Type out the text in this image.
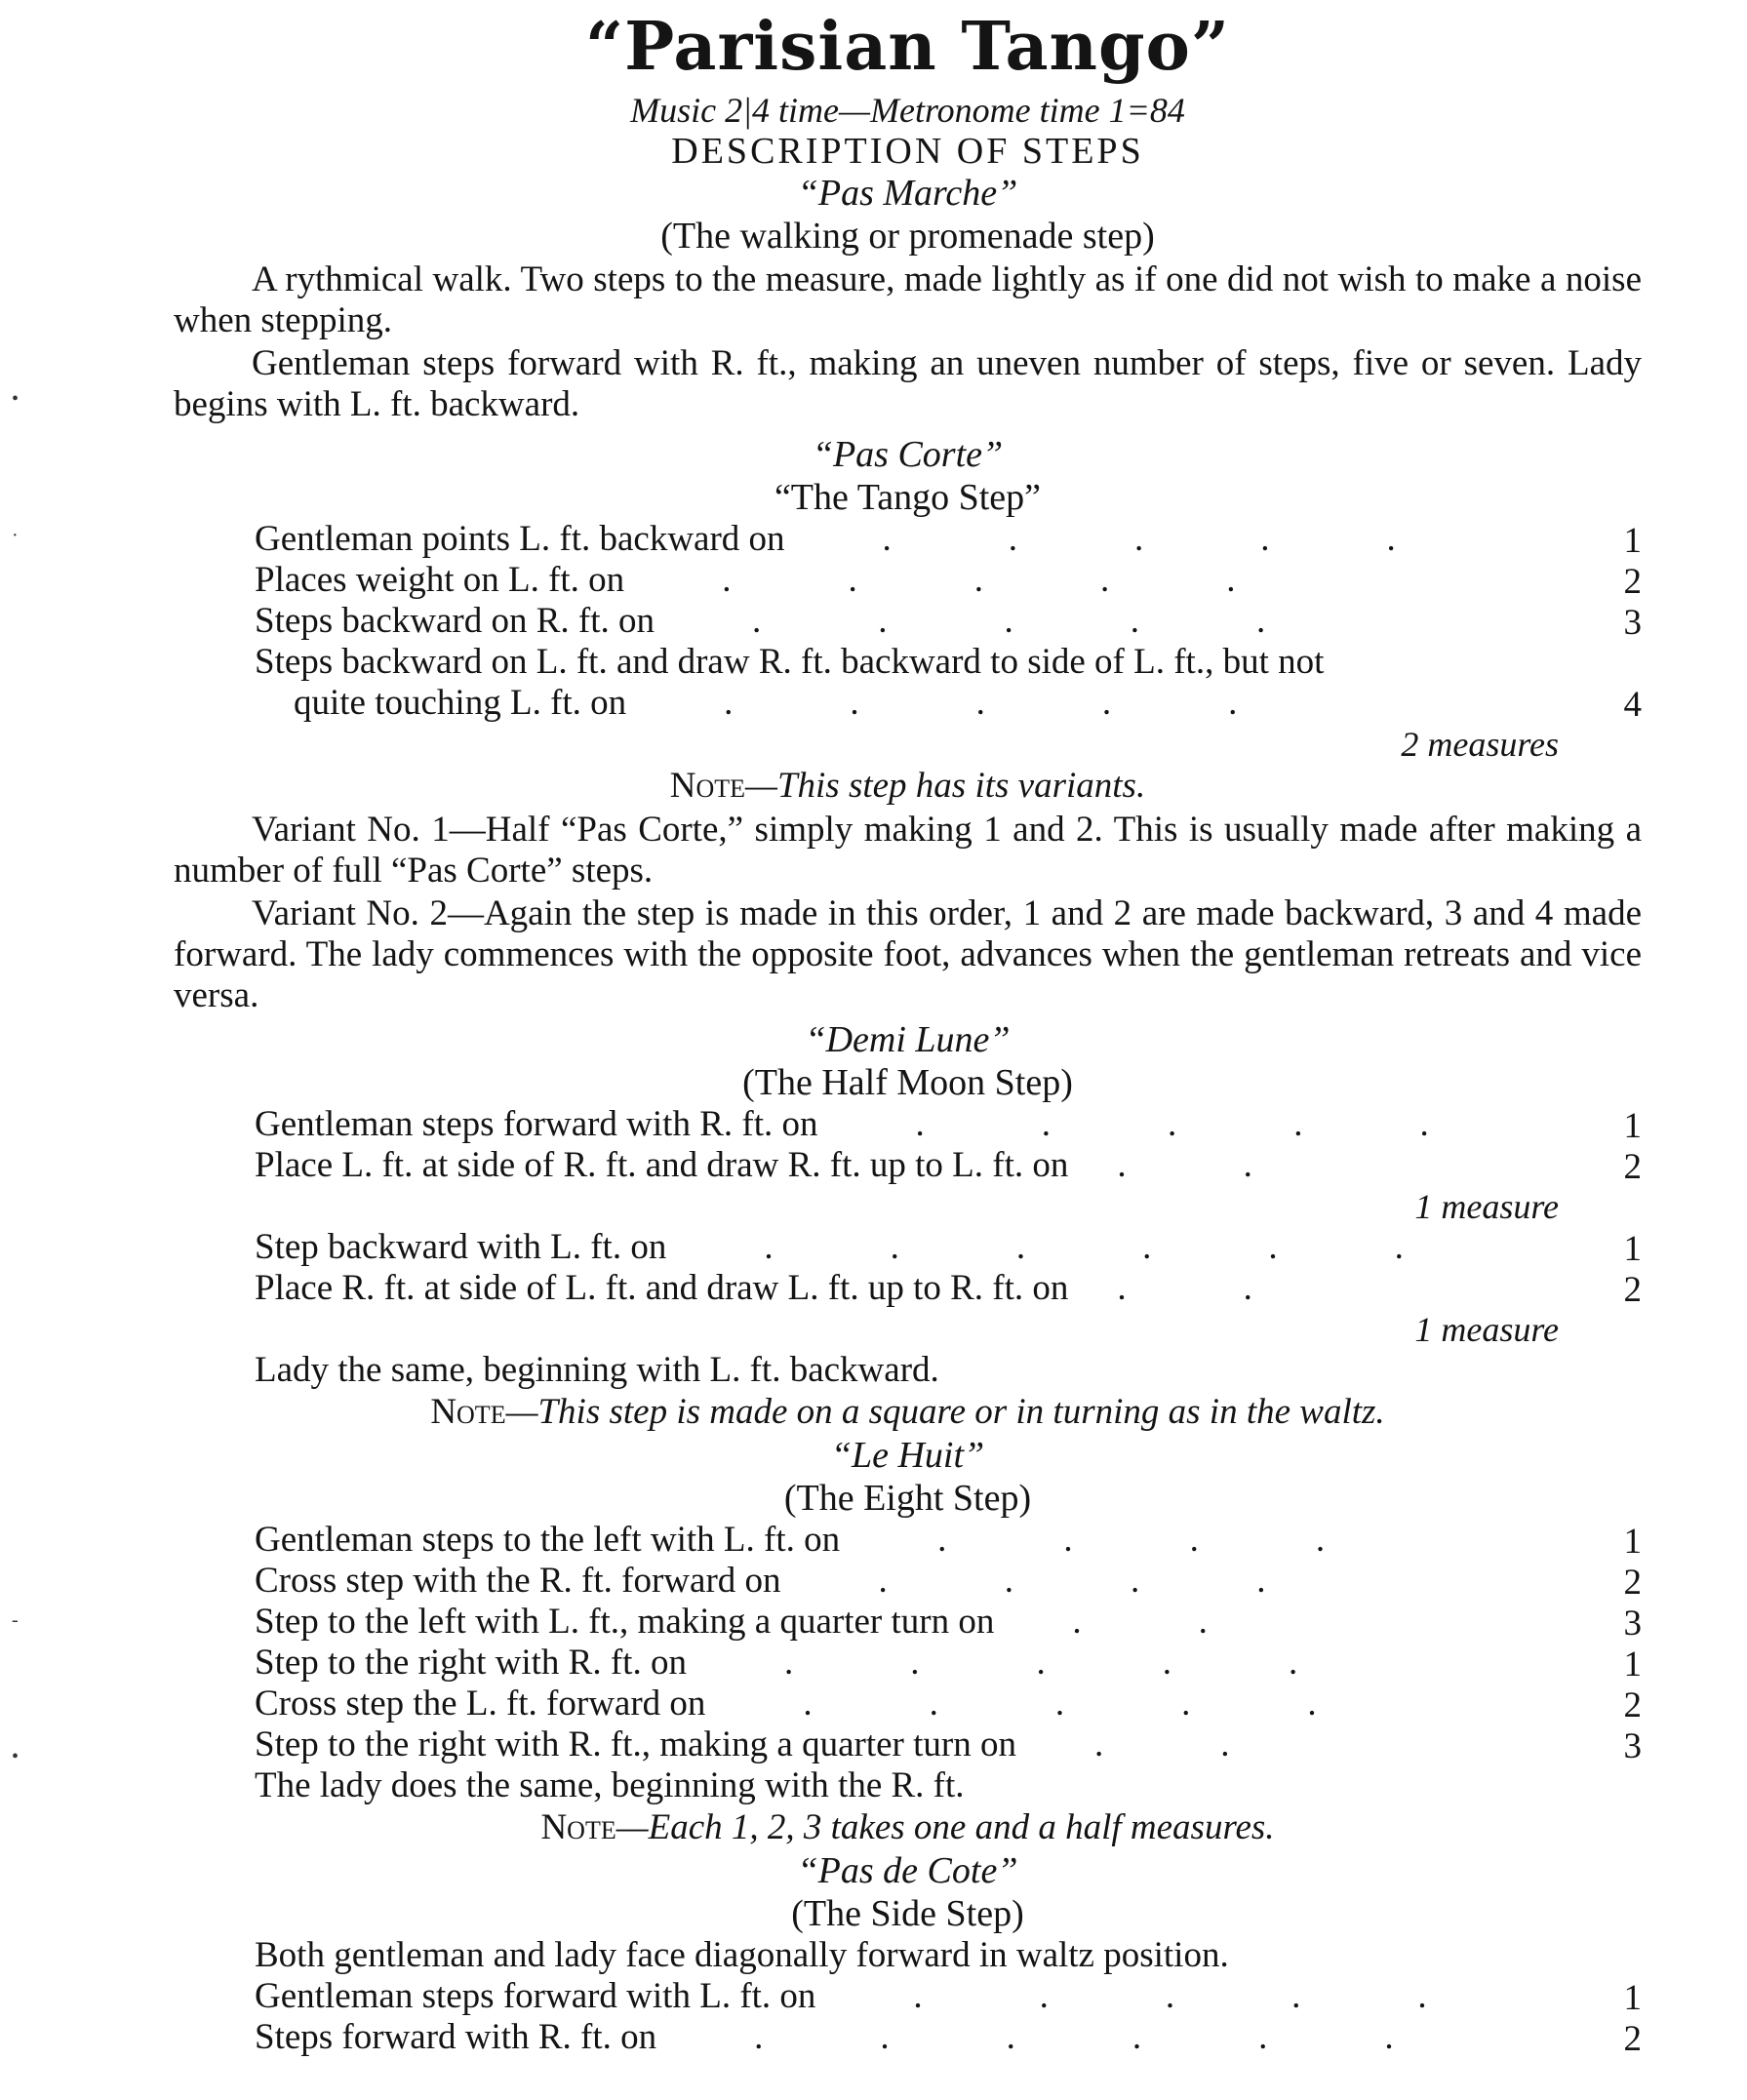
•
·
-
•
“Parisian Tango”
Music 2|4 time—Metronome time 1=84
DESCRIPTION OF STEPS
“Pas Marche”
(The walking or promenade step)

A rythmical walk. Two steps to the measure, made lightly as if one did not wish to make a noise when stepping.

Gentleman steps forward with R. ft., making an uneven number of steps, five or seven. Lady begins with L. ft. backward.

“Pas Corte”
“The Tango Step”
Gentleman points L. ft. backward on	.....	1
Places weight on L. ft. on	.....	2
Steps backward on R. ft. on	.....	3
Steps backward on L. ft. and draw R. ft. backward to side of L. ft., but not
quite touching L. ft. on	.....	4
2 measures
Note—This step has its variants.

Variant No. 1—Half “Pas Corte,” simply making 1 and 2. This is usually made after making a number of full “Pas Corte” steps.

Variant No. 2—Again the step is made in this order, 1 and 2 are made backward, 3 and 4 made forward. The lady commences with the opposite foot, advances when the gentleman retreats and vice versa.

“Demi Lune”
(The Half Moon Step)
Gentleman steps forward with R. ft. on	.....	1
Place L. ft. at side of R. ft. and draw R. ft. up to L. ft. on ..	2
1 measure
Step backward with L. ft. on	......	1
Place R. ft. at side of L. ft. and draw L. ft. up to R. ft. on ..	2
1 measure
Lady the same, beginning with L. ft. backward.
Note—This step is made on a square or in turning as in the waltz.
“Le Huit”
(The Eight Step)
Gentleman steps to the left with L. ft. on	....	1
Cross step with the R. ft. forward on	....	2
Step to the left with L. ft., making a quarter turn on ..	3
Step to the right with R. ft. on	.....	1
Cross step the L. ft. forward on	.....	2
Step to the right with R. ft., making a quarter turn on ..	3
The lady does the same, beginning with the R. ft.
Note—Each 1, 2, 3 takes one and a half measures.
“Pas de Cote”
(The Side Step)
Both gentleman and lady face diagonally forward in waltz position.
Gentleman steps forward with L. ft. on	.....	1
Steps forward with R. ft. on	......	2
